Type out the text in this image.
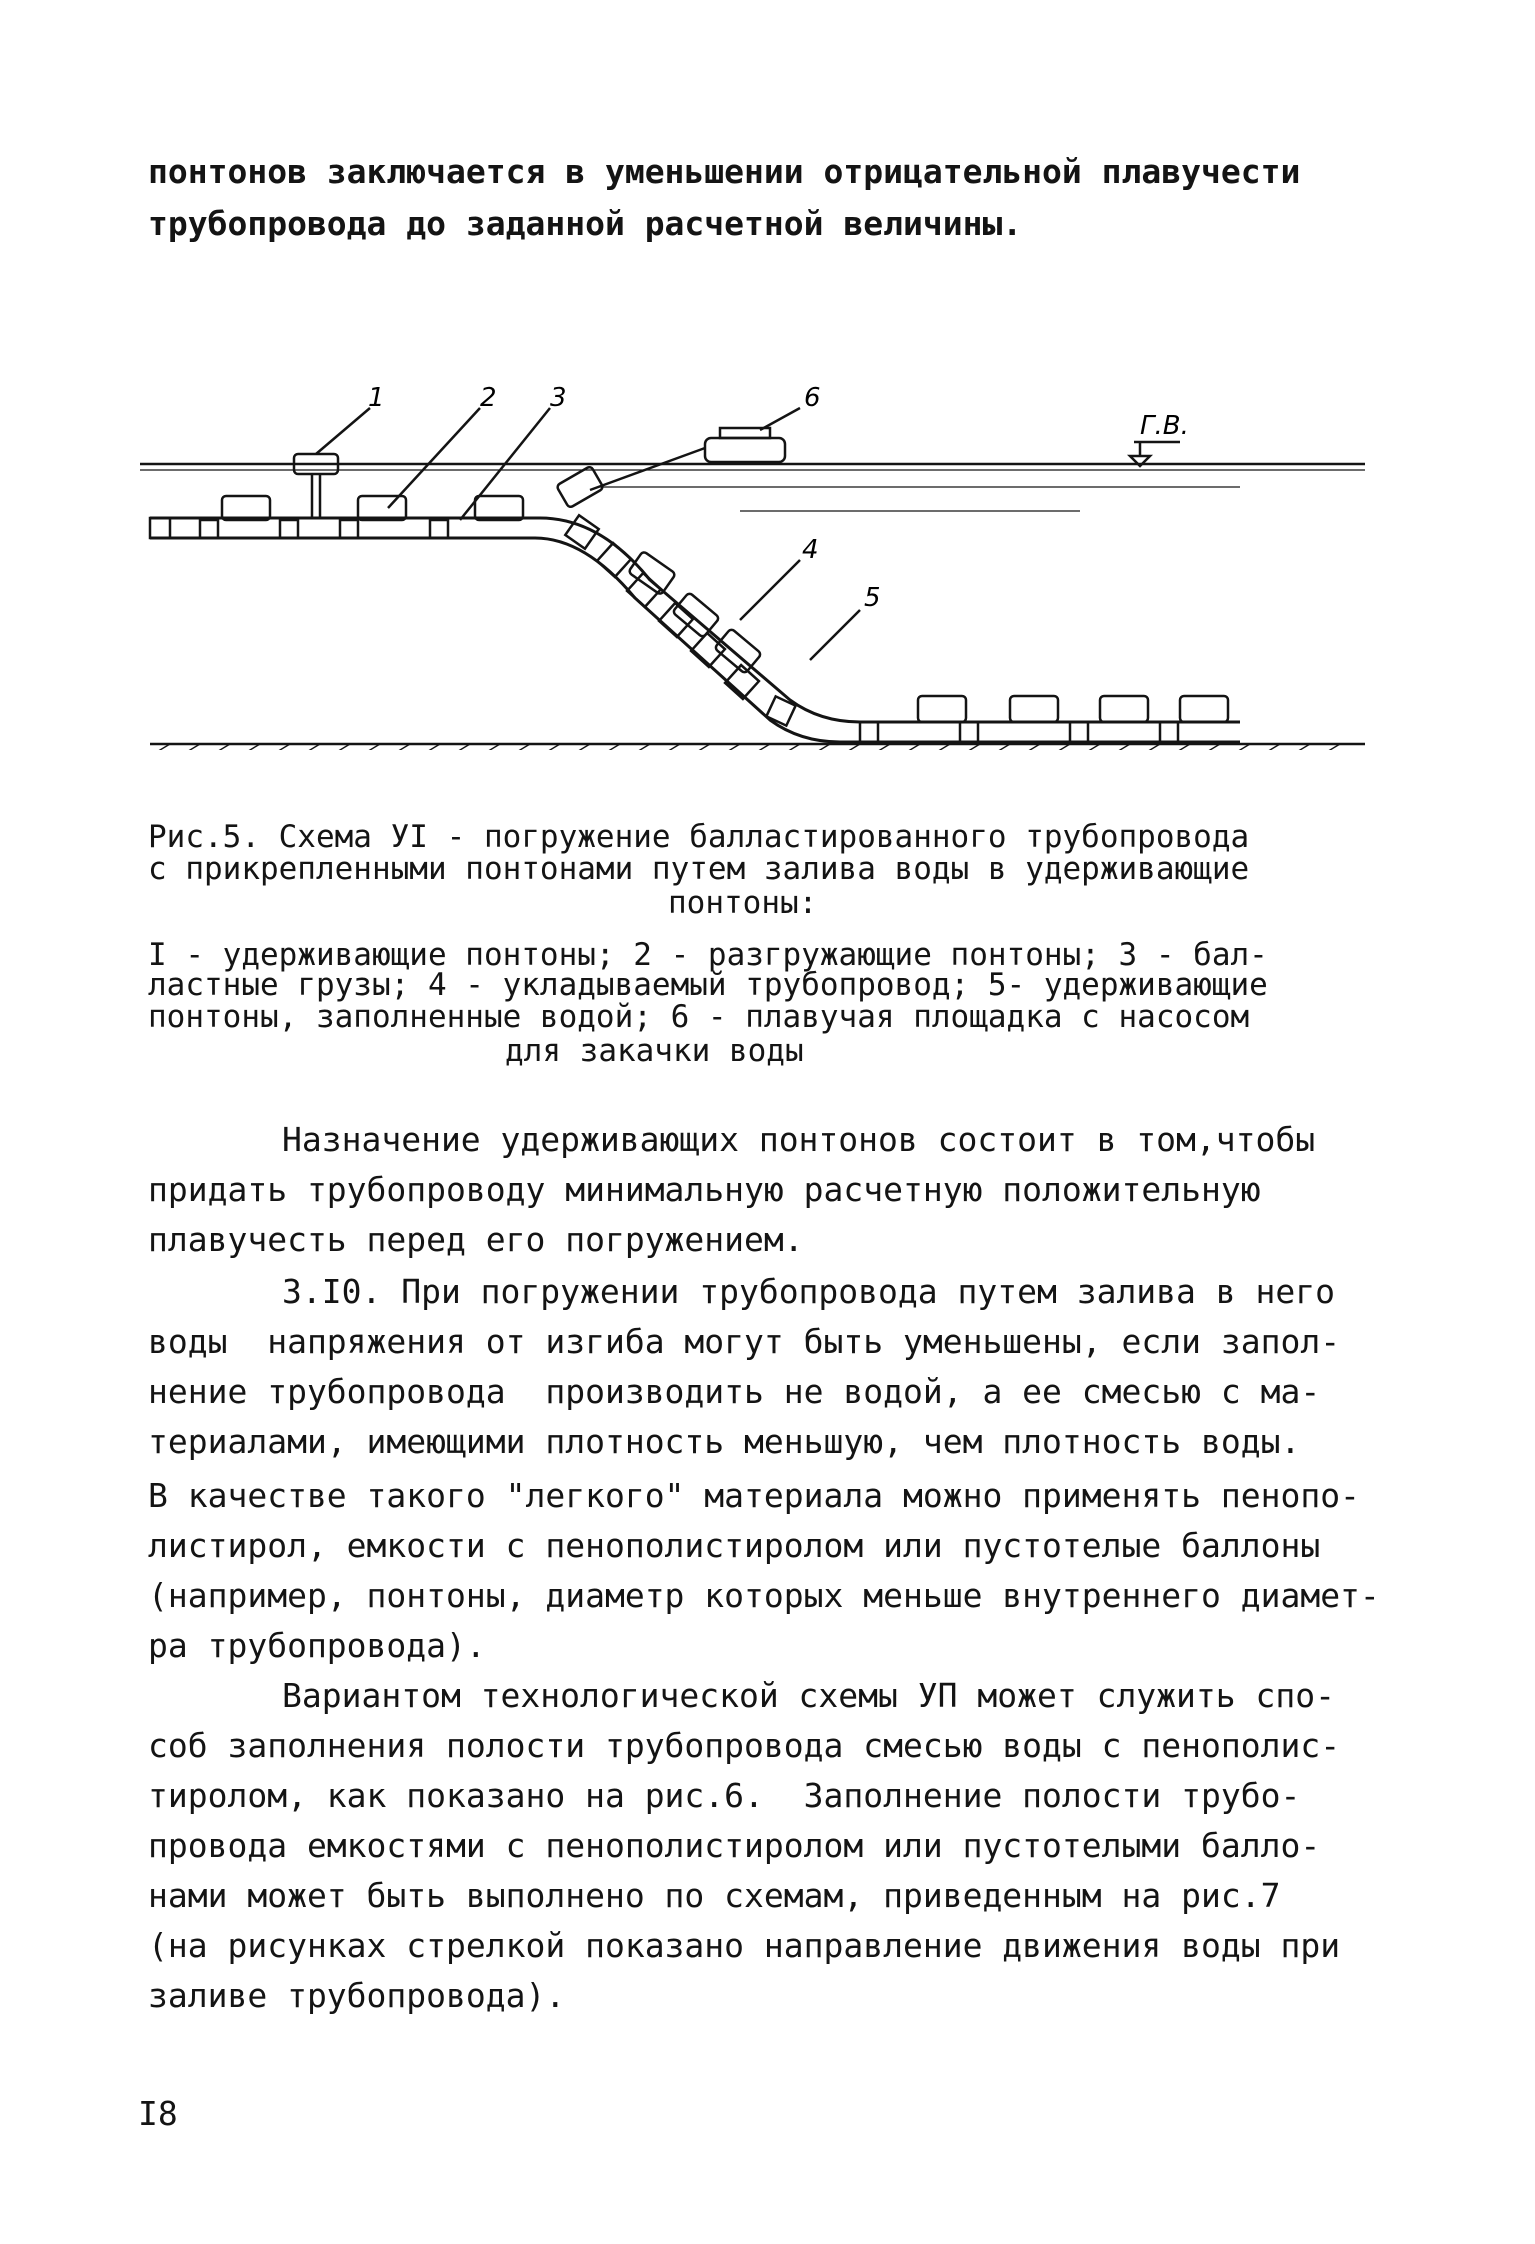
понтонов заключается в уменьшении отрицательной плавучести
трубопровода до заданной расчетной величины.
1	2 3	6
4
5
Г.В.
Рис.5. Схема УI - погружение балластированного трубопровода
с прикрепленными понтонами путем залива воды в удерживающие
понтоны:
I - удерживающие понтоны; 2 - разгружающие понтоны; 3 - бал-
ластные грузы; 4 - укладываемый трубопровод; 5- удерживающие
понтоны, заполненные водой; 6 - плавучая площадка с насосом
для закачки воды
Назначение удерживающих понтонов состоит в том,чтобы
придать трубопроводу минимальную расчетную положительную
плавучесть перед его погружением.
3.I0. При погружении трубопровода путем залива в него
воды  напряжения от изгиба могут быть уменьшены, если запол-
нение трубопровода  производить не водой, а ее смесью с ма-
териалами, имеющими плотность меньшую, чем плотность воды.
В качестве такого "легкого" материала можно применять пенопо-
листирол, емкости с пенополистиролом или пустотелые баллоны
(например, понтоны, диаметр которых меньше внутреннего диамет-
ра трубопровода).
Вариантом технологической схемы УП может служить спо-
соб заполнения полости трубопровода смесью воды с пенополис-
тиролом, как показано на рис.6.  Заполнение полости трубо-
провода емкостями с пенополистиролом или пустотелыми балло-
нами может быть выполнено по схемам, приведенным на рис.7
(на рисунках стрелкой показано направление движения воды при
заливе трубопровода).
I8
